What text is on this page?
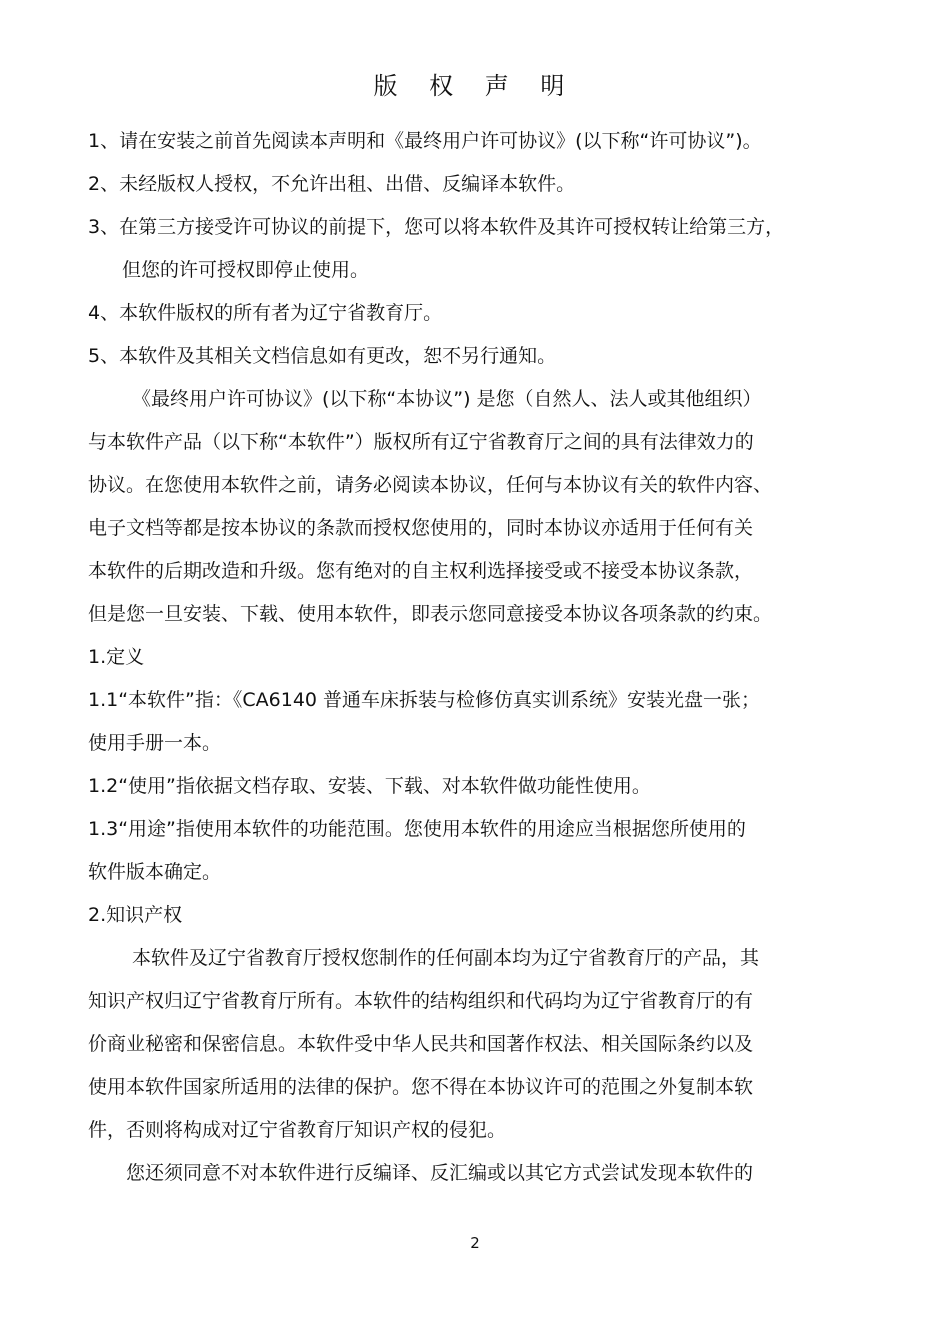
版 权 声 明
1、请在安装之前首先阅读本声明和《最终用户许可协议》(以下称“许可协议”)。
2、未经版权人授权，不允许出租、出借、反编译本软件。
3、在第三方接受许可协议的前提下，您可以将本软件及其许可授权转让给第三方，
但您的许可授权即停止使用。
4、本软件版权的所有者为辽宁省教育厅。
5、本软件及其相关文档信息如有更改，恕不另行通知。
《最终用户许可协议》(以下称“本协议”) 是您（自然人、法人或其他组织）
与本软件产品（以下称“本软件”）版权所有辽宁省教育厅之间的具有法律效力的
协议。在您使用本软件之前，请务必阅读本协议，任何与本协议有关的软件内容、
电子文档等都是按本协议的条款而授权您使用的，同时本协议亦适用于任何有关
本软件的后期改造和升级。您有绝对的自主权利选择接受或不接受本协议条款，
但是您一旦安装、下载、使用本软件，即表示您同意接受本协议各项条款的约束。
1.定义
1.1“本软件”指：《CA6140 普通车床拆装与检修仿真实训系统》安装光盘一张；
使用手册一本。
1.2“使用”指依据文档存取、安装、下载、对本软件做功能性使用。
1.3“用途”指使用本软件的功能范围。您使用本软件的用途应当根据您所使用的
软件版本确定。
2.知识产权
本软件及辽宁省教育厅授权您制作的任何副本均为辽宁省教育厅的产品，其
知识产权归辽宁省教育厅所有。本软件的结构组织和代码均为辽宁省教育厅的有
价商业秘密和保密信息。本软件受中华人民共和国著作权法、相关国际条约以及
使用本软件国家所适用的法律的保护。您不得在本协议许可的范围之外复制本软
件，否则将构成对辽宁省教育厅知识产权的侵犯。
您还须同意不对本软件进行反编译、反汇编或以其它方式尝试发现本软件的
2
